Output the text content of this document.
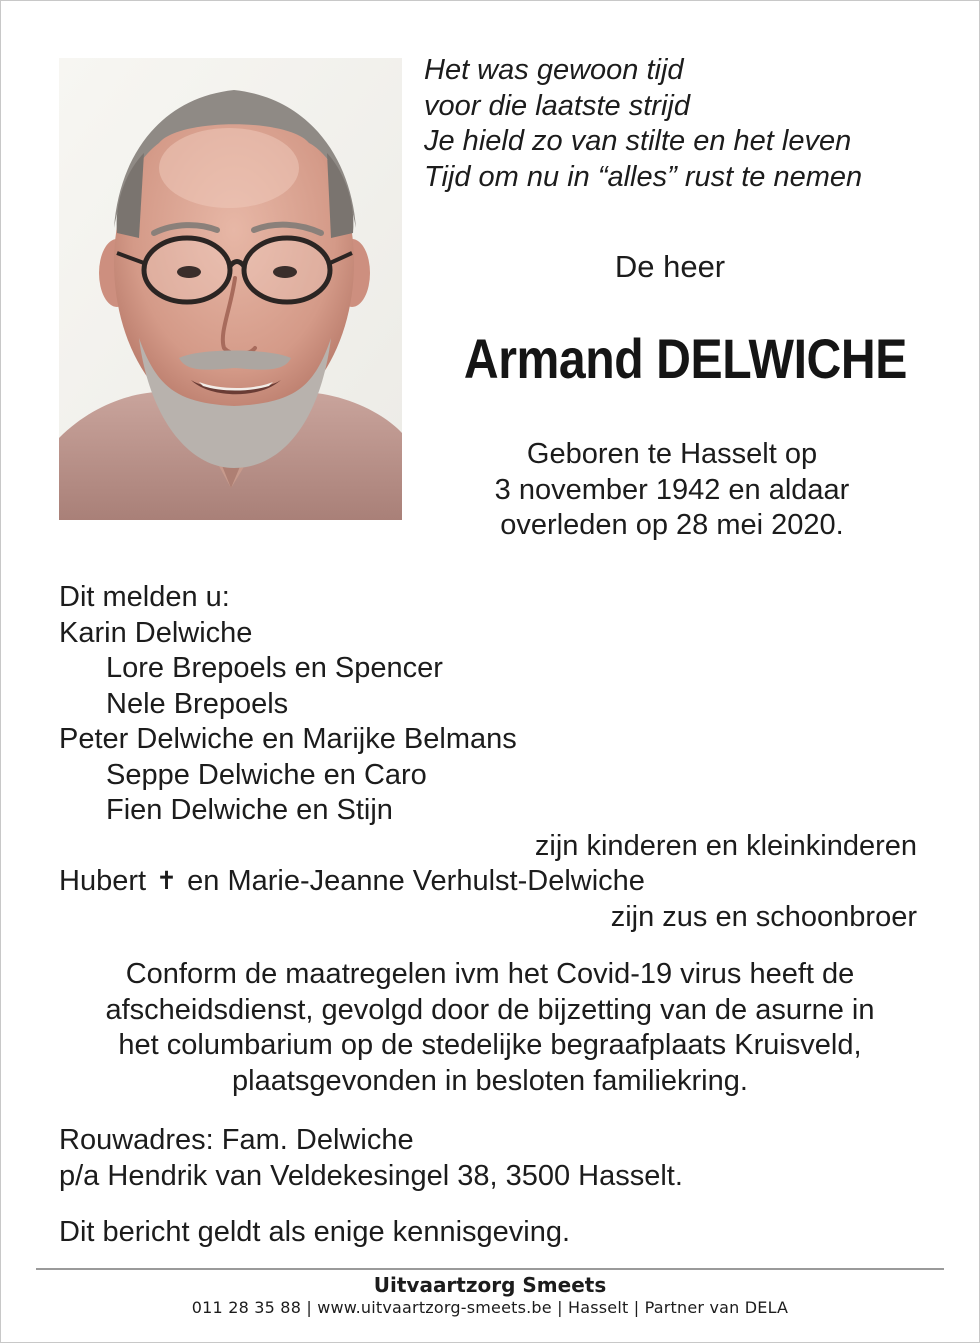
Het was gewoon tijd
voor die laatste strijd
Je hield zo van stilte en het leven
Tijd om nu in “alles” rust te nemen
De heer
Armand DELWICHE
Geboren te Hasselt op
3 november 1942 en aldaar
overleden op 28 mei 2020.
Dit melden u:
Karin Delwiche
Lore Brepoels en Spencer
Nele Brepoels
Peter Delwiche en Marijke Belmans
Seppe Delwiche en Caro
Fien Delwiche en Stijn
zijn kinderen en kleinkinderen
Hubert ✝ en Marie-Jeanne Verhulst-Delwiche
zijn zus en schoonbroer
Conform de maatregelen ivm het Covid-19 virus heeft de
afscheidsdienst, gevolgd door de bijzetting van de asurne in
het columbarium op de stedelijke begraafplaats Kruisveld,
plaatsgevonden in besloten familiekring.
Rouwadres: Fam. Delwiche
p/a Hendrik van Veldekesingel 38, 3500 Hasselt.
Dit bericht geldt als enige kennisgeving.
Uitvaartzorg Smeets
011 28 35 88 | www.uitvaartzorg-smeets.be | Hasselt | Partner van DELA
